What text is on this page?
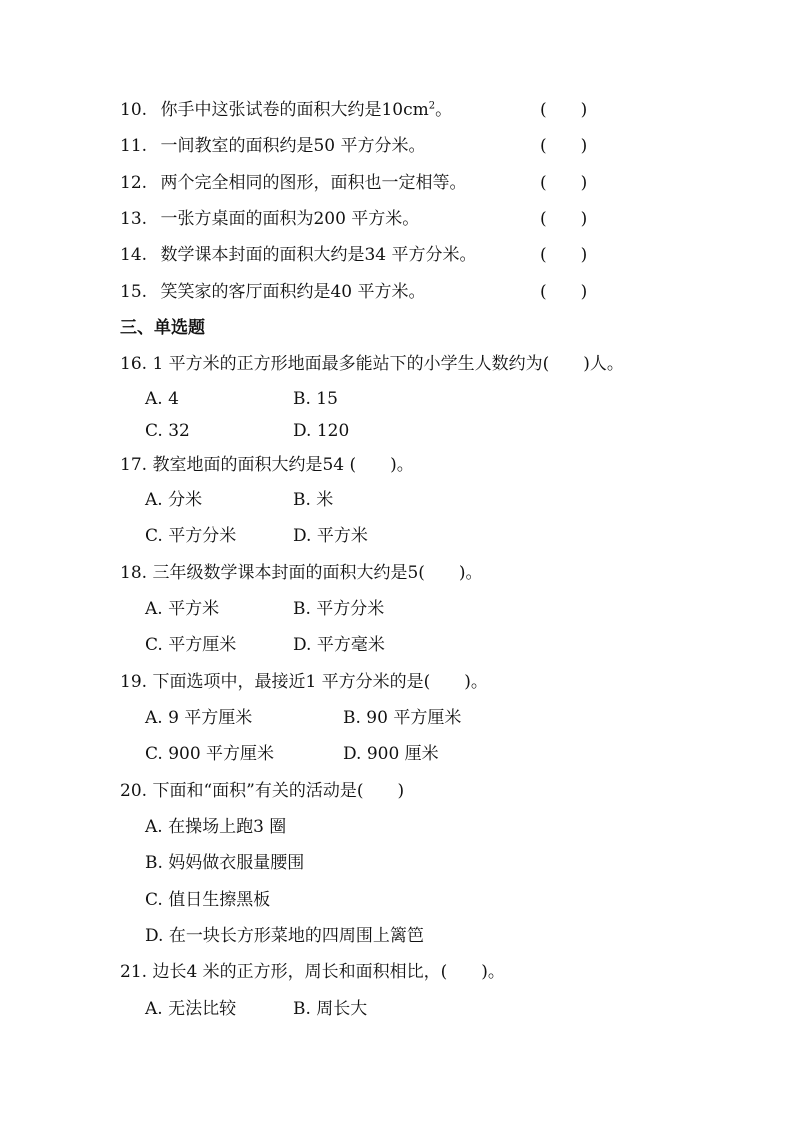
10. 你手中这张试卷的面积大约是$10cm^2$。	(　　)
11. 一间教室的面积约是50 平方分米。	(　　)
12. 两个完全相同的图形，面积也一定相等。	(　　)
13. 一张方桌面的面积为200 平方米。	(　　)
14. 数学课本封面的面积大约是34 平方分米。	(　　)
15. 笑笑家的客厅面积约是40 平方米。	(　　)
三、单选题
16. 1 平方米的正方形地面最多能站下的小学生人数约为(　　)人。
A. 4	B. 15
C. 32	D. 120
17. 教室地面的面积大约是54 (　　)。
A. 分米	B. 米
C. 平方分米	D. 平方米
18. 三年级数学课本封面的面积大约是5(　　)。
A. 平方米	B. 平方分米
C. 平方厘米	D. 平方毫米
19. 下面选项中，最接近1 平方分米的是(　　)。
A. 9 平方厘米	B. 90 平方厘米
C. 900 平方厘米	D. 900 厘米
20. 下面和“面积”有关的活动是(　　)
A. 在操场上跑3 圈
B. 妈妈做衣服量腰围
C. 值日生擦黑板
D. 在一块长方形菜地的四周围上篱笆
21. 边长4 米的正方形，周长和面积相比，(　　)。
A. 无法比较	B. 周长大
